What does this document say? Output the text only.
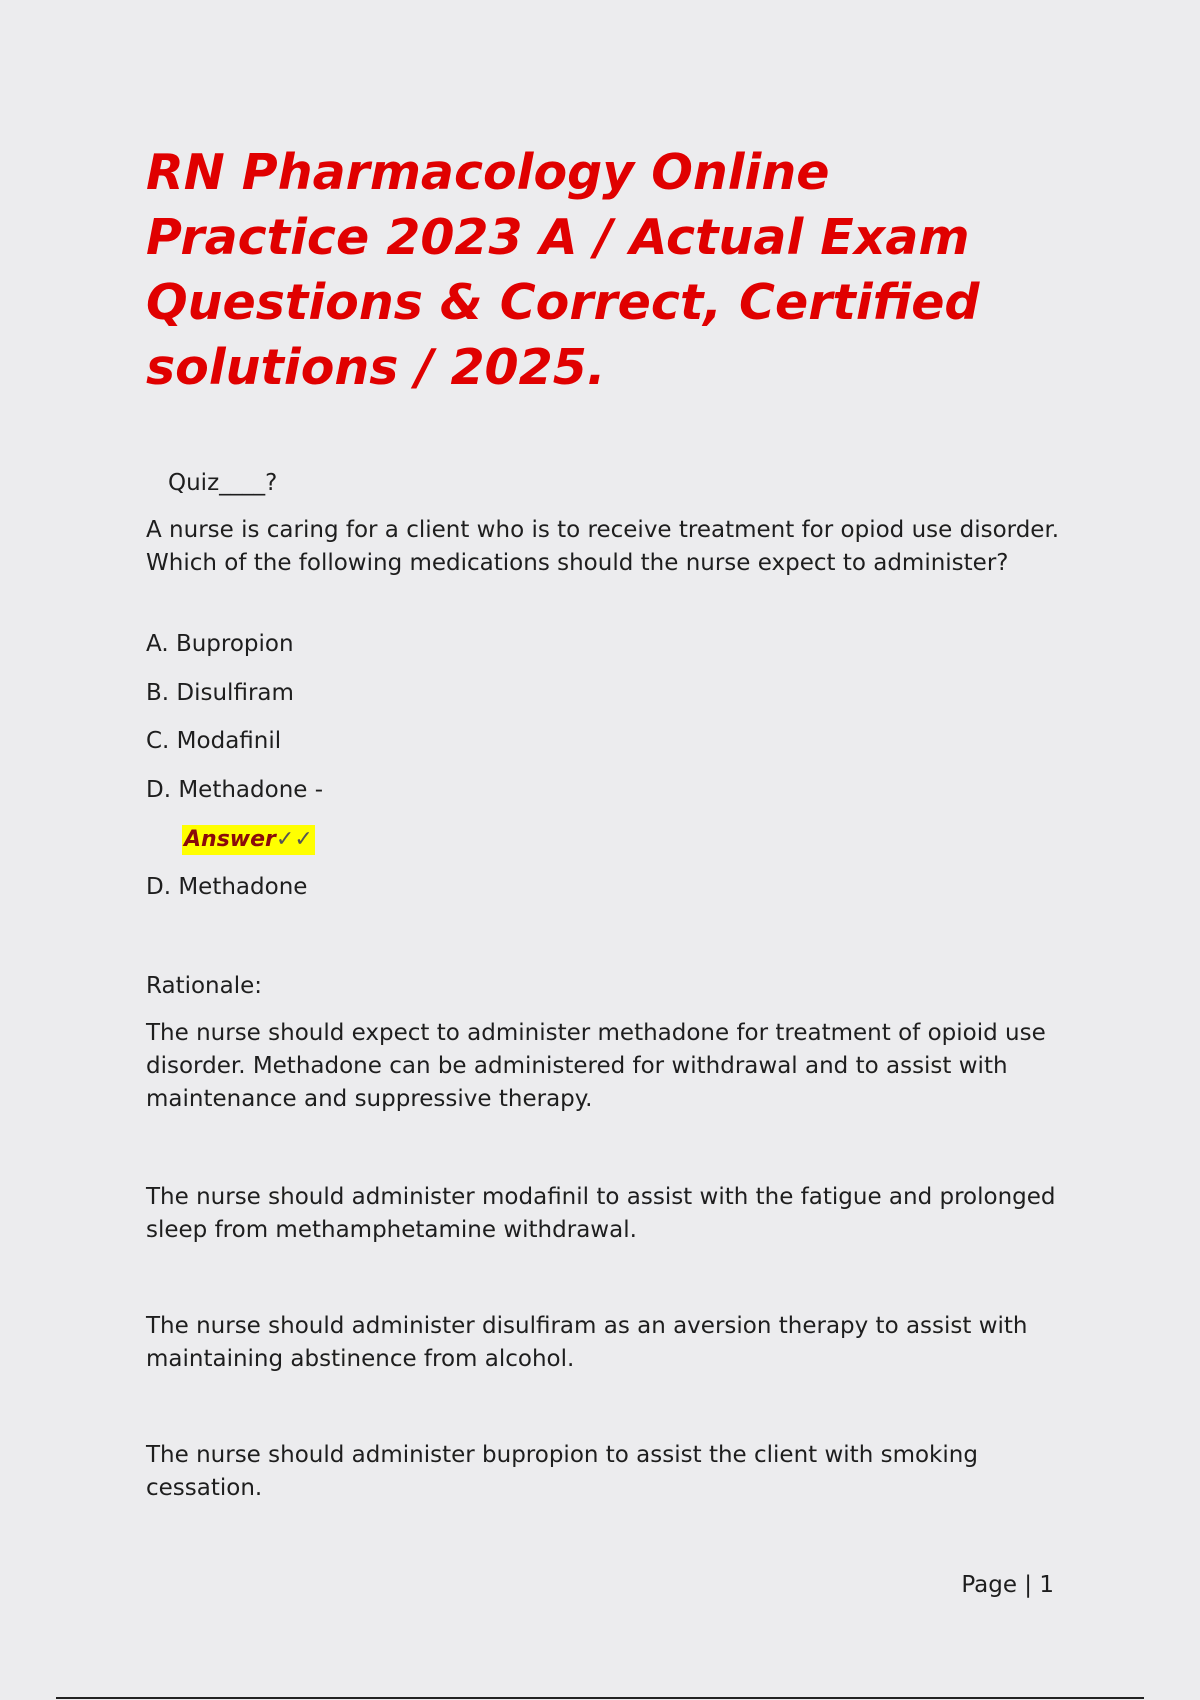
RN Pharmacology Online Practice 2023 A / Actual Exam Questions & Correct, Certified solutions / 2025.
Quiz____?

A nurse is caring for a client who is to receive treatment for opiod use disorder. Which of the following medications should the nurse expect to administer?

A. Bupropion
B. Disulfiram
C. Modafinil
D. Methadone -
Answer✓✓
D. Methadone
Rationale:

The nurse should expect to administer methadone for treatment of opioid use disorder. Methadone can be administered for withdrawal and to assist with maintenance and suppressive therapy.

The nurse should administer modafinil to assist with the fatigue and prolonged sleep from methamphetamine withdrawal.

The nurse should administer disulfiram as an aversion therapy to assist with maintaining abstinence from alcohol.

The nurse should administer bupropion to assist the client with smoking cessation.

Page | 1
